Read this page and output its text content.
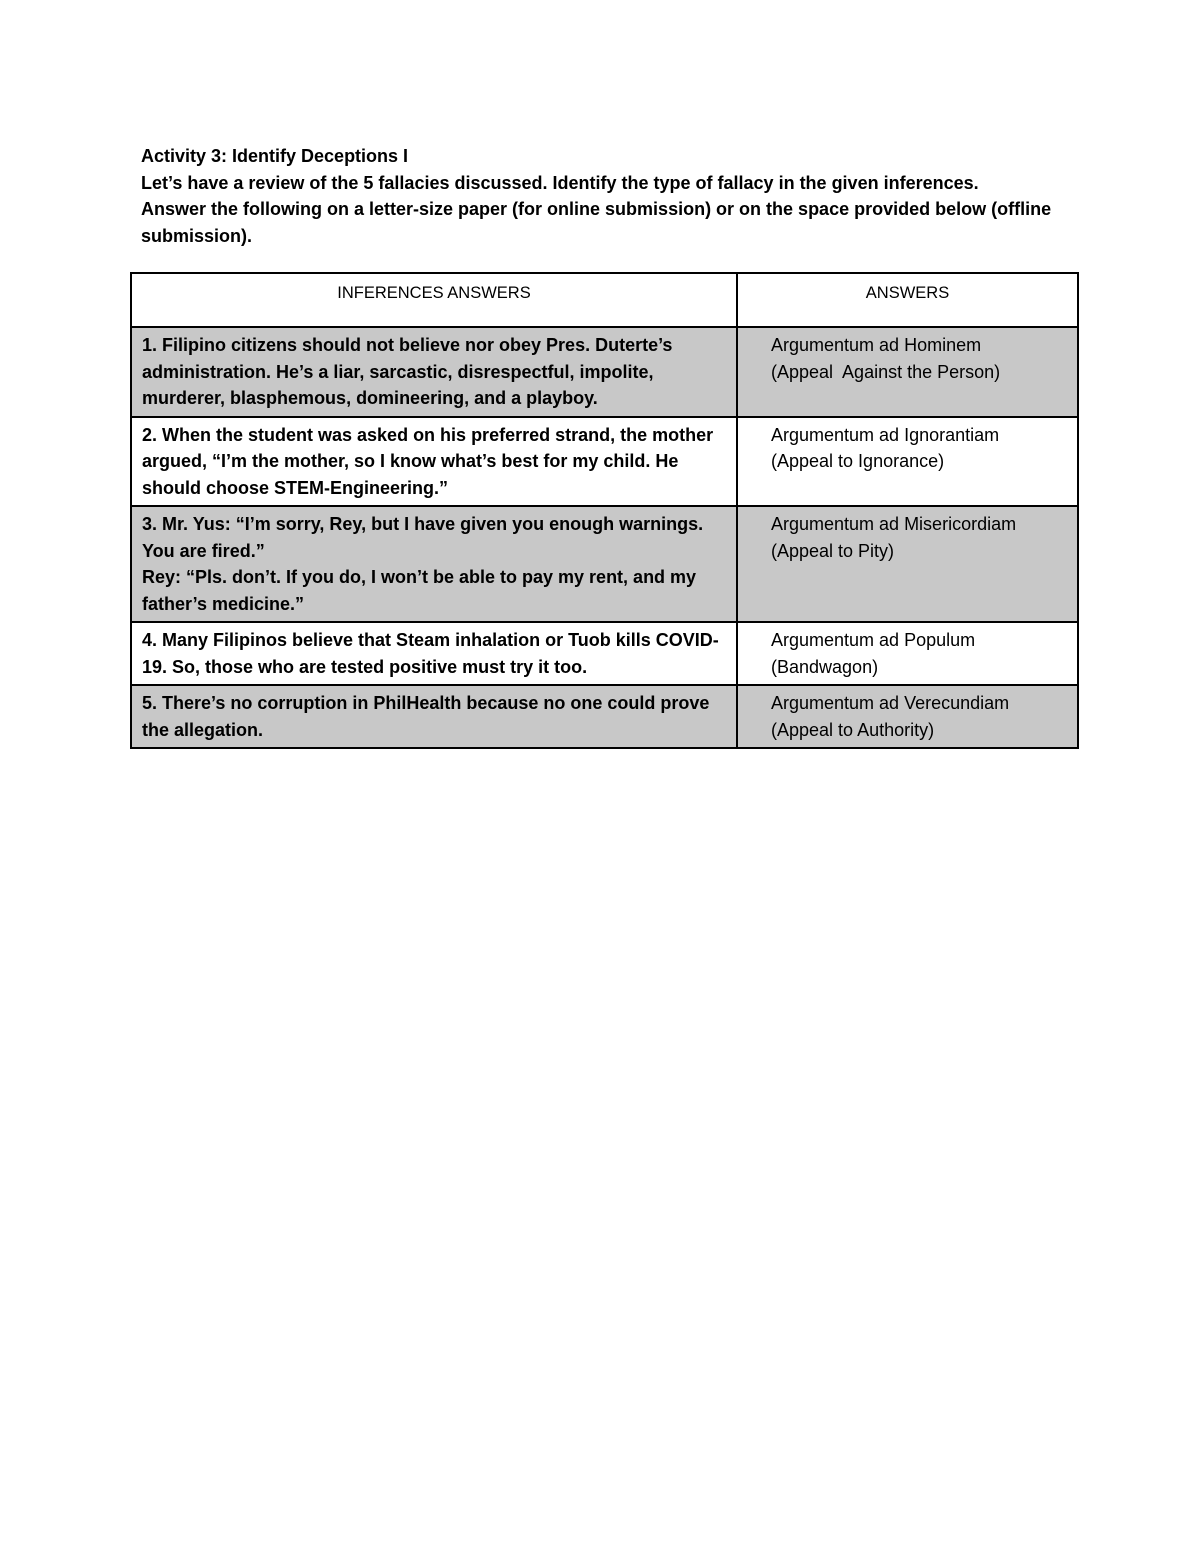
Activity 3: Identify Deceptions I

Let’s have a review of the 5 fallacies discussed. Identify the type of fallacy in the given inferences.

Answer the following on a letter-size paper (for online submission) or on the space provided below (offline submission).

INFERENCES ANSWERS	ANSWERS

1. Filipino citizens should not believe nor obey Pres. Duterte’s administration. He’s a liar, sarcastic, disrespectful, impolite, murderer, blasphemous, domineering, and a playboy.	Argumentum ad Hominem
(Appeal  Against the Person)

2. When the student was asked on his preferred strand, the mother argued, “I’m the mother, so I know what’s best for my child. He should choose STEM-Engineering.”	Argumentum ad Ignorantiam
(Appeal to Ignorance)

3. Mr. Yus: “I’m sorry, Rey, but I have given you enough warnings. You are fired.”
Rey: “Pls. don’t. If you do, I won’t be able to pay my rent, and my father’s medicine.”	Argumentum ad Misericordiam
(Appeal to Pity)

4. Many Filipinos believe that Steam inhalation or Tuob kills COVID-19. So, those who are tested positive must try it too.	Argumentum ad Populum
(Bandwagon)

5. There’s no corruption in PhilHealth because no one could prove the allegation.	Argumentum ad Verecundiam
(Appeal to Authority)
